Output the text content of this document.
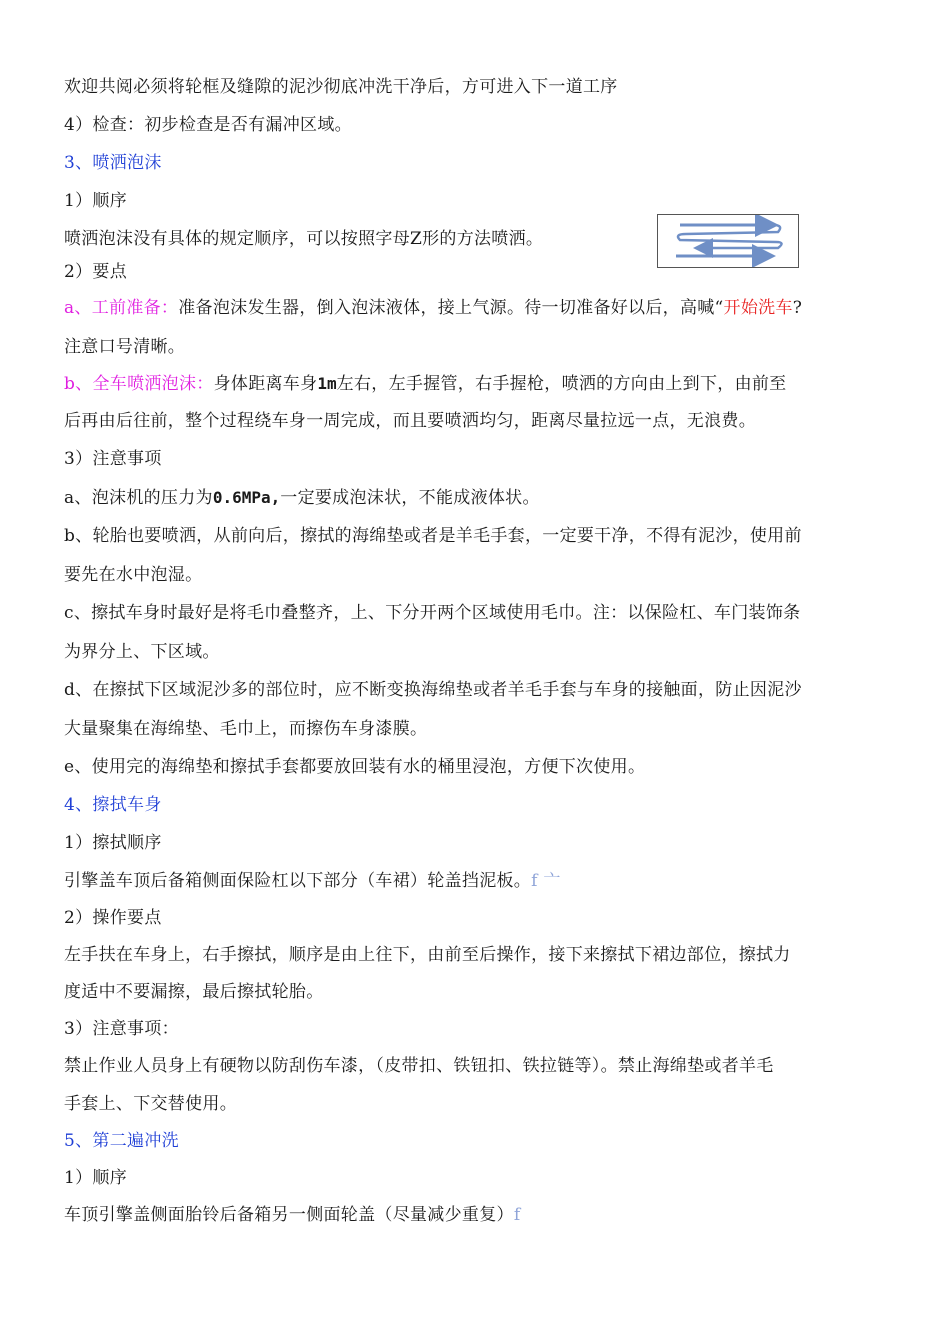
欢迎共阅必须将轮框及缝隙的泥沙彻底冲洗干净后，方可进入下一道工序
4）检查：初步检查是否有漏冲区域。
3、喷洒泡沫
1）顺序
喷洒泡沫没有具体的规定顺序，可以按照字母Z形的方法喷洒。
2）要点
a、工前准备：准备泡沫发生器，倒入泡沫液体，接上气源。待一切准备好以后，高喊“开始洗车?
注意口号清晰。
b、全车喷洒泡沫：身体距离车身1m左右，左手握管，右手握枪，喷洒的方向由上到下，由前至
后再由后往前，整个过程绕车身一周完成，而且要喷洒均匀，距离尽量拉远一点，无浪费。
3）注意事项
a、泡沫机的压力为0.6MPa,一定要成泡沫状，不能成液体状。
b、轮胎也要喷洒，从前向后，擦拭的海绵垫或者是羊毛手套，一定要干净，不得有泥沙，使用前
要先在水中泡湿。
c、擦拭车身时最好是将毛巾叠整齐，上、下分开两个区域使用毛巾。注：以保险杠、车门装饰条
为界分上、下区域。
d、在擦拭下区域泥沙多的部位时，应不断变换海绵垫或者羊毛手套与车身的接触面，防止因泥沙
大量聚集在海绵垫、毛巾上，而擦伤车身漆膜。
e、使用完的海绵垫和擦拭手套都要放回装有水的桶里浸泡，方便下次使用。
4、擦拭车身
1）擦拭顺序
引擎盖车顶后备箱侧面保险杠以下部分（车裙）轮盖挡泥板。f 亠
2）操作要点
左手扶在车身上，右手擦拭，顺序是由上往下，由前至后操作，接下来擦拭下裙边部位，擦拭力
度适中不要漏擦，最后擦拭轮胎。
3）注意事项：
禁止作业人员身上有硬物以防刮伤车漆，（皮带扣、铁钮扣、铁拉链等）。禁止海绵垫或者羊毛
手套上、下交替使用。
5、第二遍冲洗
1）顺序
车顶引擎盖侧面胎铃后备箱另一侧面轮盖（尽量减少重复）f
